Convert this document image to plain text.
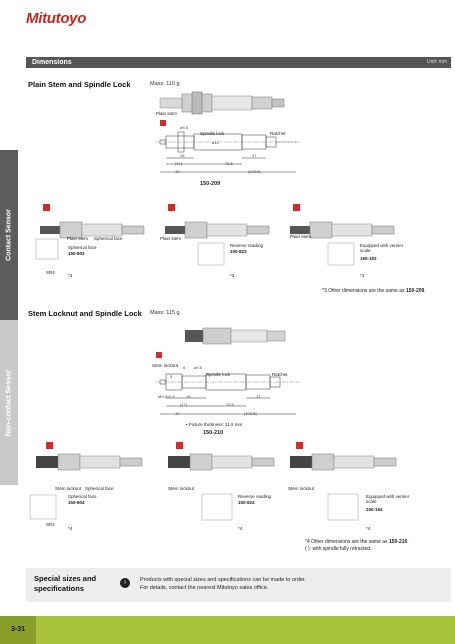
Mitutoyo
Dimensions	Unit: mm
Contact Sensor
Non-contact Sensor
Plain Stem and Spindle Lock	Mass: 110 g
Plain stem
Spindle lock	Ratchet
ø9.5
ø12
15	17
(17)	76.5
42	(103.5)
150-209
Plain stem Spherical face
Spherical face
150-803
SR4
*3
Plain stem
Reverse reading
150-823
*3
Plain stem
Equipped with vernier scale
150-183
*3
*3 Other dimensions are the same as 150-209.
Stem Locknut and Spindle Lock Mass: 115 g
Stem locknut
Spindle lock	Ratchet
ø9.5
6
5
M9.5×0.5	15	17
(17)	78.5
42	(103.5)
• Fixture thickness: 11.5 mm
150-210
Stem locknut Spherical face
Spherical face
150-804
SR4
*4
Stem locknut
Reverse reading
150-824
*4
Stem locknut
Equipped with vernier scale
150-184
*4
*4 Other dimensions are the same as 150-210.
( ): with spindle fully retracted.
Special sizes and specifications
›	Products with special sizes and specifications can be made to order.
For details, contact the nearest Mitutoyo sales office.
3-31
